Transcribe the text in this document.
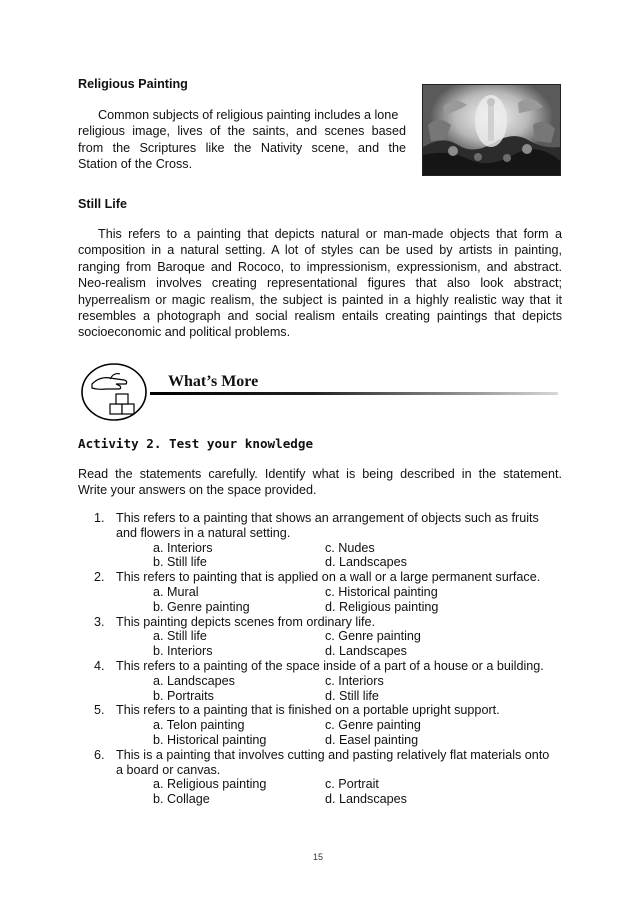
Religious Painting
Common subjects of religious painting includes a lone
religious image, lives of the saints, and scenes based
from the Scriptures like the Nativity scene, and the
Station of the Cross.
Still Life
This refers to a painting that depicts natural or man-made objects that form a
composition in a natural setting. A lot of styles can be used by artists in painting,
ranging from Baroque and Rococo, to impressionism, expressionism, and abstract.
Neo-realism involves creating representational figures that also look abstract;
hyperrealism or magic realism, the subject is painted in a highly realistic way that it
resembles a photograph and social realism entails creating paintings that depicts
socioeconomic and political problems.
What’s More
Activity 2. Test your knowledge
Read the statements carefully. Identify what is being described in the statement.
Write your answers on the space provided.
1. This refers to a painting that shows an arrangement of objects such as fruits
and flowers in a natural setting.
a. Interiors	c. Nudes
b. Still life	d. Landscapes
2. This refers to painting that is applied on a wall or a large permanent surface.
a. Mural	c. Historical painting
b. Genre painting	d. Religious painting
3. This painting depicts scenes from ordinary life.
a. Still life	c. Genre painting
b. Interiors	d. Landscapes
4. This refers to a painting of the space inside of a part of a house or a building.
a. Landscapes	c. Interiors
b. Portraits	d. Still life
5. This refers to a painting that is finished on a portable upright support.
a. Telon painting	c. Genre painting
b. Historical painting	d. Easel painting
6. This is a painting that involves cutting and pasting relatively flat materials onto
a board or canvas.
a. Religious painting	c. Portrait
b. Collage	d. Landscapes
15
